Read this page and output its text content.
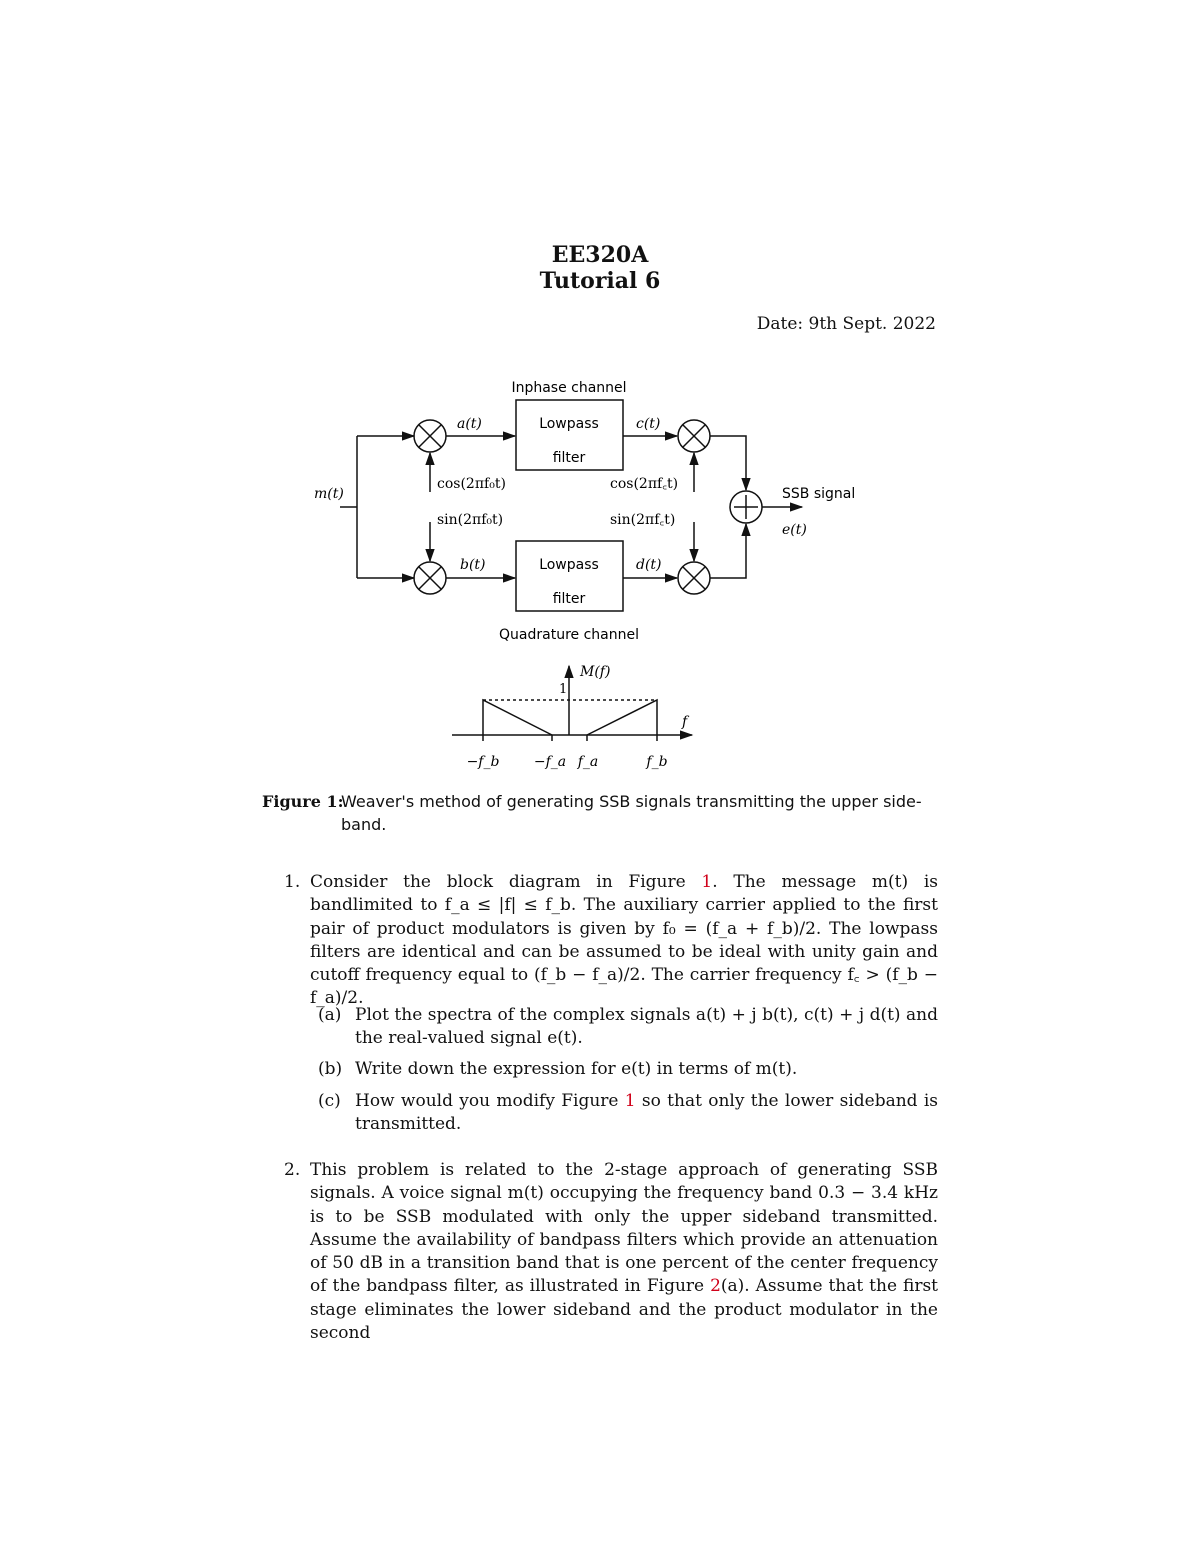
EE320A
Tutorial 6
Date: 9th Sept. 2022
Inphase channel
Quadrature channel
Lowpass
filter
Lowpass
filter
m(t)
a(t)
b(t)
c(t)
d(t)
cos(2πf₀t)
sin(2πf₀t)
cos(2πf꜀t)
sin(2πf꜀t)
SSB signal
e(t)
M(f)
f
1
−f_b −f_a f_a	f_b
Figure 1:
Weaver's method of generating SSB signals transmitting the upper side-band.
1. Consider the block diagram in Figure 1. The message m(t) is bandlimited to f_a ≤ |f| ≤ f_b. The auxiliary carrier applied to the first pair of product modulators is given by f₀ = (f_a + f_b)/2. The lowpass filters are identical and can be assumed to be ideal with unity gain and cutoff frequency equal to (f_b − f_a)/2. The carrier frequency f꜀ > (f_b − f_a)/2.
(a) Plot the spectra of the complex signals a(t) + j b(t), c(t) + j d(t) and the real-valued signal e(t).
(b) Write down the expression for e(t) in terms of m(t).
(c) How would you modify Figure 1 so that only the lower sideband is transmitted.
2. This problem is related to the 2-stage approach of generating SSB signals. A voice signal m(t) occupying the frequency band 0.3 − 3.4 kHz is to be SSB modulated with only the upper sideband transmitted. Assume the availability of bandpass filters which provide an attenuation of 50 dB in a transition band that is one percent of the center frequency of the bandpass filter, as illustrated in Figure 2(a). Assume that the first stage eliminates the lower sideband and the product modulator in the second
